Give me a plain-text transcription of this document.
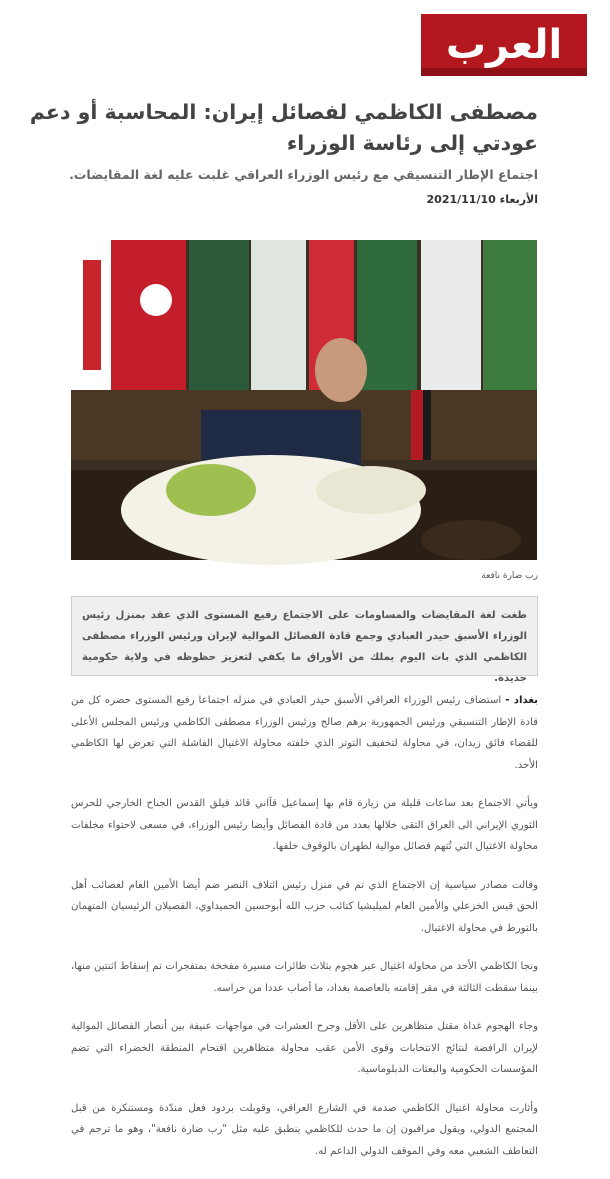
العرب
مصطفى الكاظمي لفصائل إيران: المحاسبة أو دعم عودتي إلى رئاسة الوزراء

اجتماع الإطار التنسيقي مع رئيس الوزراء العراقي غلبت عليه لغة المقايضات.

الأربعاء 2021/11/10

رب ضارة نافعة

طغت لغة المقايضات والمساومات على الاجتماع رفيع المستوى الذي عقد بمنزل رئيس الوزراء الأسبق حيدر العبادي وجمع قادة الفصائل الموالية لإيران ورئيس الوزراء مصطفى الكاظمي الذي بات اليوم يملك من الأوراق ما يكفي لتعزيز حظوظه في ولاية حكومية جديدة.

بغداد - استضاف رئيس الوزراء العراقي الأسبق حيدر العبادي في منزله اجتماعا رفيع المستوى حضره كل من قادة الإطار التنسيقي ورئيس الجمهورية برهم صالح ورئيس الوزراء مصطفى الكاظمي ورئيس المجلس الأعلى للقضاء فائق زيدان، في محاولة لتخفيف التوتر الذي خلفته محاولة الاغتيال الفاشلة التي تعرض لها الكاظمي الأحد.

ويأتي الاجتماع بعد ساعات قليلة من زيارة قام بها إسماعيل قآاني قائد فيلق القدس الجناح الخارجي للحرس الثوري الإيراني الى العراق التقى خلالها بعدد من قادة الفصائل وأيضا رئيس الوزراء، في مسعى لاحتواء مخلفات محاولة الاغتيال التي تُتهم فصائل موالية لطهران بالوقوف خلفها.

وقالت مصادر سياسية إن الاجتماع الذي تم في منزل رئيس ائتلاف النصر ضم أيضا الأمين العام لعصائب أهل الحق قيس الخزعلي والأمين العام لميليشيا كتائب حزب الله أبوحسين الحميداوي، الفصيلان الرئيسيان المتهمان بالتورط في محاولة الاغتيال.

ونجا الكاظمي الأحد من محاولة اغتيال عبر هجوم بثلاث طائرات مسيرة مفخخة بمتفجرات تم إسقاط اثنتين منها، بينما سقطت الثالثة في مقر إقامته بالعاصمة بغداد، ما أصاب عددا من حراسه.

وجاء الهجوم غداة مقتل متظاهرين على الأقل وجرح العشرات في مواجهات عنيفة بين أنصار الفصائل الموالية لإيران الرافضة لنتائج الانتخابات وقوى الأمن عقب محاولة متظاهرين اقتحام المنطقة الخضراء التي تضم المؤسسات الحكومية والبعثات الدبلوماسية.

وأثارت محاولة اغتيال الكاظمي صدمة في الشارع العراقي، وقوبلت بردود فعل مندّدة ومستنكرة من قبل المجتمع الدولي، ويقول مراقبون إن ما حدث للكاظمي ينطبق عليه مثل "رب ضارة نافعة"، وهو ما ترجم في التعاطف الشعبي معه وفي الموقف الدولي الداعم له.
